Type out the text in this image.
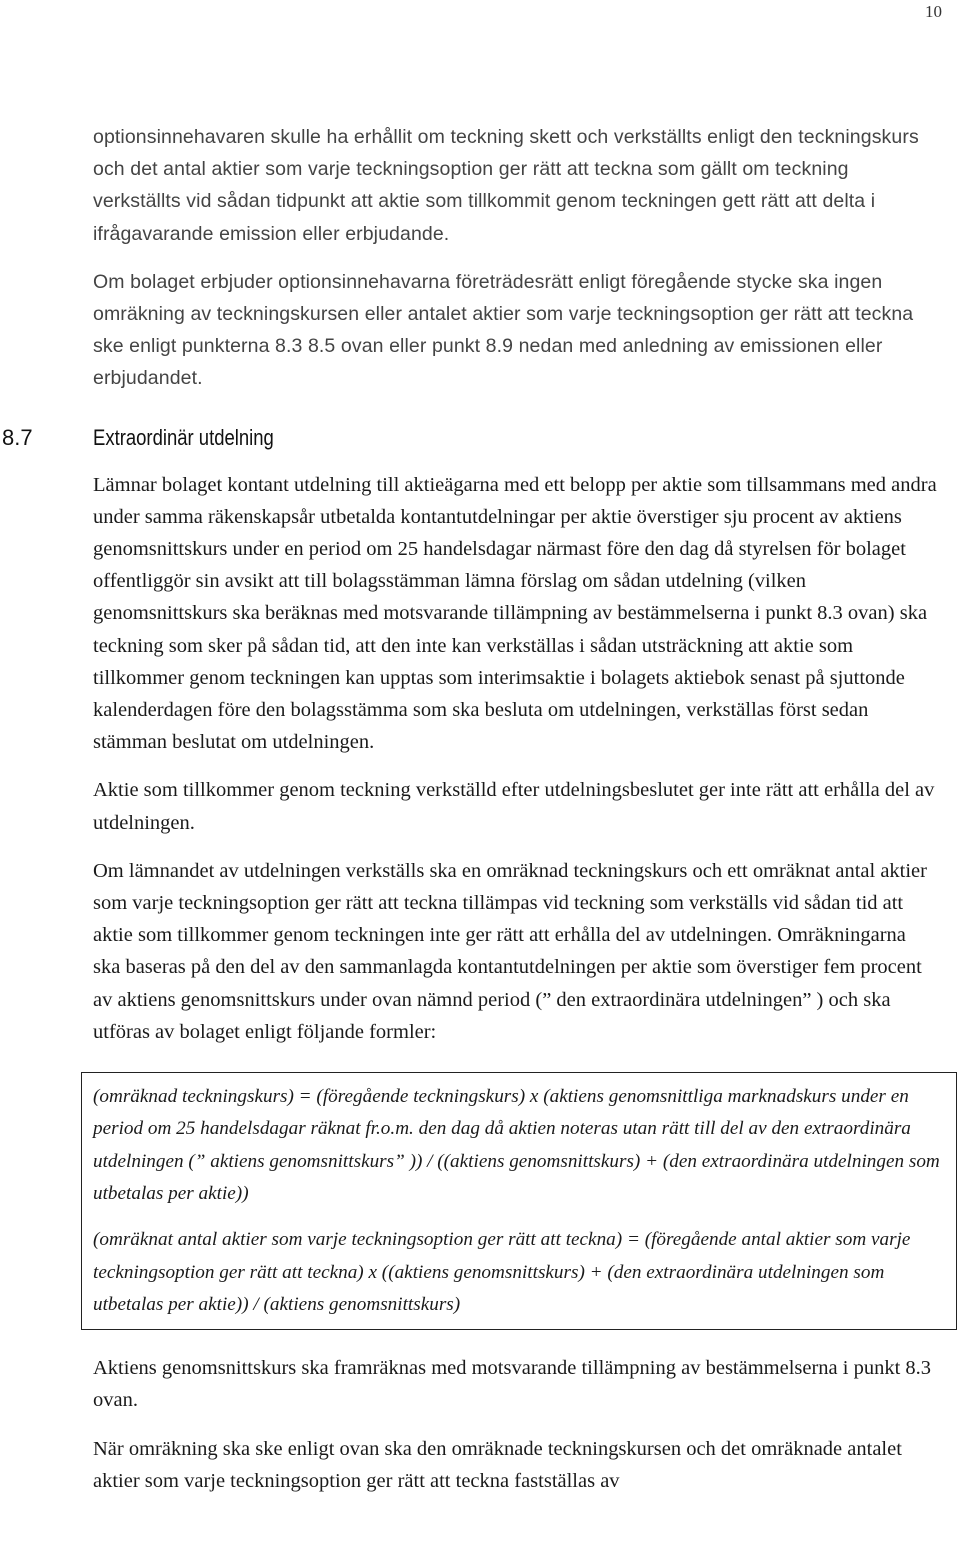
10

optionsinnehavaren skulle ha erhållit om teckning skett och verkställts enligt den teckningskurs och det antal aktier som varje teckningsoption ger rätt att teckna som gällt om teckning verkställts vid sådan tidpunkt att aktie som tillkommit genom teckningen gett rätt att delta i ifrågavarande emission eller erbjudande.

Om bolaget erbjuder optionsinnehavarna företrädesrätt enligt föregående stycke ska ingen omräkning av teckningskursen eller antalet aktier som varje teckningsoption ger rätt att teckna ske enligt punkterna 8.3 8.5 ovan eller punkt 8.9 nedan med anledning av emissionen eller erbjudandet.

8.7	Extraordinär utdelning

Lämnar bolaget kontant utdelning till aktieägarna med ett belopp per aktie som tillsammans med andra under samma räkenskapsår utbetalda kontantutdelningar per aktie överstiger sju procent av aktiens genomsnittskurs under en period om 25 handelsdagar närmast före den dag då styrelsen för bolaget offentliggör sin avsikt att till bolagsstämman lämna förslag om sådan utdelning (vilken genomsnittskurs ska beräknas med motsvarande tillämpning av bestämmelserna i punkt 8.3 ovan) ska teckning som sker på sådan tid, att den inte kan verkställas i sådan utsträckning att aktie som tillkommer genom teckningen kan upptas som interimsaktie i bolagets aktiebok senast på sjuttonde kalenderdagen före den bolagsstämma som ska besluta om utdelningen, verkställas först sedan stämman beslutat om utdelningen.

Aktie som tillkommer genom teckning verkställd efter utdelningsbeslutet ger inte rätt att erhålla del av utdelningen.

Om lämnandet av utdelningen verkställs ska en omräknad teckningskurs och ett omräknat antal aktier som varje teckningsoption ger rätt att teckna tillämpas vid teckning som verkställs vid sådan tid att aktie som tillkommer genom teckningen inte ger rätt att erhålla del av utdelningen. Omräkningarna ska baseras på den del av den sammanlagda kontantutdelningen per aktie som överstiger fem procent av aktiens genomsnittskurs under ovan nämnd period (” den extraordinära utdelningen” ) och ska utföras av bolaget enligt följande formler:

(omräknad teckningskurs) = (föregående teckningskurs) x (aktiens genomsnittliga marknadskurs under en period om 25 handelsdagar räknat fr.o.m. den dag då aktien noteras utan rätt till del av den extraordinära utdelningen (” aktiens genomsnittskurs” )) / ((aktiens genomsnittskurs) + (den extraordinära utdelningen som utbetalas per aktie))

(omräknat antal aktier som varje teckningsoption ger rätt att teckna) = (föregående antal aktier som varje teckningsoption ger rätt att teckna) x ((aktiens genomsnittskurs) + (den extraordinära utdelningen som utbetalas per aktie)) / (aktiens genomsnittskurs)

Aktiens genomsnittskurs ska framräknas med motsvarande tillämpning av bestämmelserna i punkt 8.3 ovan.

När omräkning ska ske enligt ovan ska den omräknade teckningskursen och det omräknade antalet aktier som varje teckningsoption ger rätt att teckna fastställas av
